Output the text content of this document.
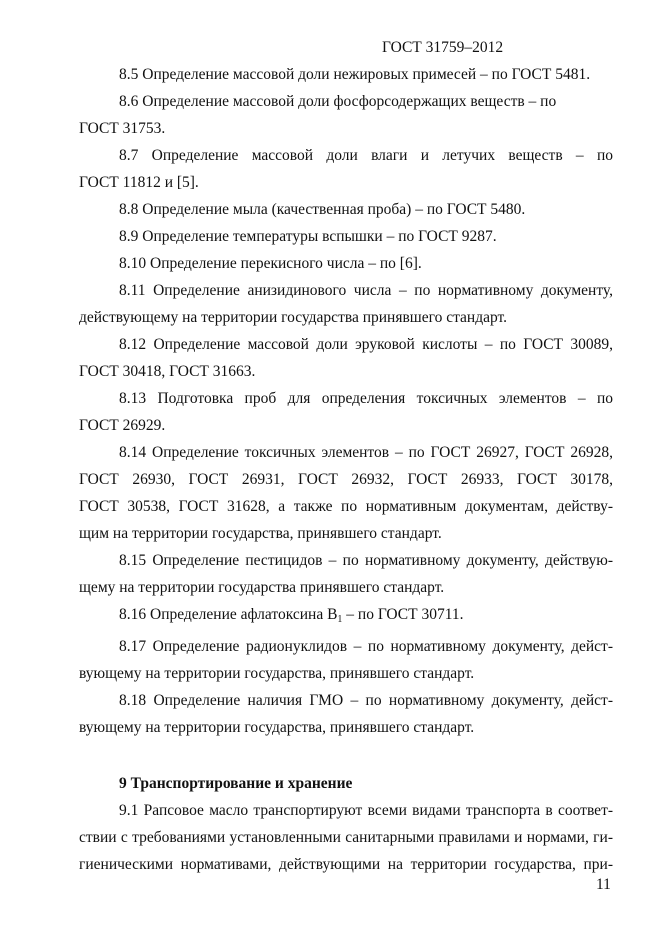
ГОСТ 31759–2012

8.5 Определение массовой доли нежировых примесей – по ГОСТ 5481.

8.6 Определение массовой доли фосфорсодержащих веществ – по

ГОСТ 31753.

8.7 Определение массовой доли влаги и летучих веществ – по

ГОСТ 11812 и [5].

8.8 Определение мыла (качественная проба) – по ГОСТ 5480.

8.9 Определение температуры вспышки – по ГОСТ 9287.

8.10 Определение перекисного числа – по [6].

8.11 Определение анизидинового числа – по нормативному документу,

действующему на территории государства принявшего стандарт.

8.12 Определение массовой доли эруковой кислоты – по ГОСТ 30089,

ГОСТ 30418, ГОСТ 31663.

8.13 Подготовка проб для определения токсичных элементов – по

ГОСТ 26929.

8.14 Определение токсичных элементов – по ГОСТ 26927, ГОСТ 26928,

ГОСТ 26930, ГОСТ 26931, ГОСТ 26932, ГОСТ 26933, ГОСТ 30178,

ГОСТ 30538, ГОСТ 31628, а также по нормативным документам, действу-

щим на территории государства, принявшего стандарт.

8.15 Определение пестицидов – по нормативному документу, действую-

щему на территории государства принявшего стандарт.

8.16 Определение афлатоксина $B_1$ – по ГОСТ 30711.

8.17 Определение радионуклидов – по нормативному документу, дейст-

вующему на территории государства, принявшего стандарт.

8.18 Определение наличия ГМО – по нормативному документу, дейст-

вующему на территории государства, принявшего стандарт.

9 Транспортирование и хранение

9.1 Рапсовое масло транспортируют всеми видами транспорта в соответ-

ствии с требованиями установленными санитарными правилами и нормами, ги-

гиеническими нормативами, действующими на территории государства, при-

11
